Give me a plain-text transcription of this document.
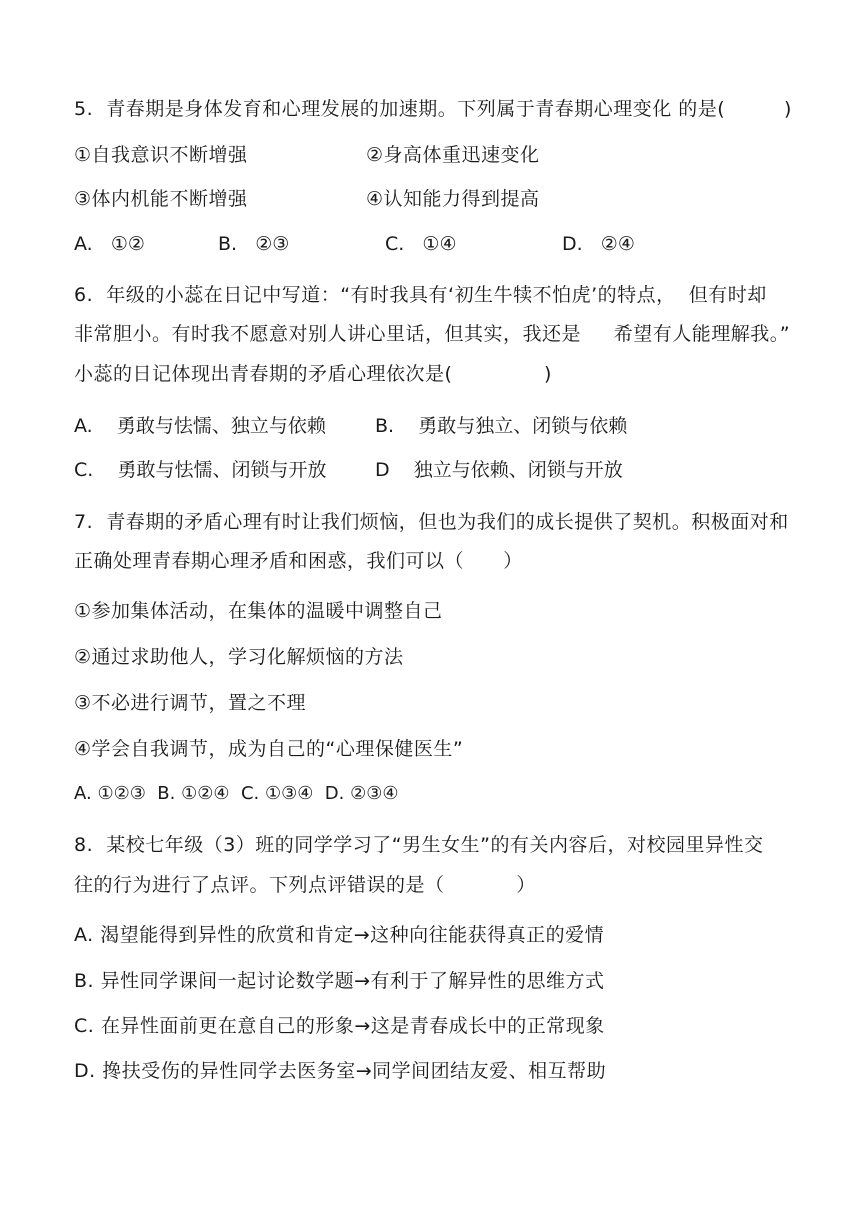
5.  青春期是身体发育和心理发展的加速期。下列属于青春期心理变化 的是(         )
①自我意识不断增强	②身高体重迅速变化
③体内机能不断增强	④认知能力得到提高
A.   ①②	B.   ②③	C.   ①④	D.   ②④
6.  年级的小蕊在日记中写道：“有时我具有‘初生牛犊不怕虎’的特点，  但有时却
非常胆小。有时我不愿意对别人讲心里话，但其实，我还是     希望有人能理解我。”
小蕊的日记体现出青春期的矛盾心理依次是(              )
A.    勇敢与怯懦、独立与依赖	B.    勇敢与独立、闭锁与依赖
C.    勇敢与怯懦、闭锁与开放	D    独立与依赖、闭锁与开放
7.  青春期的矛盾心理有时让我们烦恼，但也为我们的成长提供了契机。积极面对和
正确处理青春期心理矛盾和困惑，我们可以（      ）
①参加集体活动，在集体的温暖中调整自己
②通过求助他人，学习化解烦恼的方法
③不必进行调节，置之不理
④学会自我调节，成为自己的“心理保健医生”
A. ①②③  B. ①②④  C. ①③④  D. ②③④
8.  某校七年级（3）班的同学学习了“男生女生”的有关内容后，对校园里异性交
往的行为进行了点评。下列点评错误的是（           ）
A. 渴望能得到异性的欣赏和肯定→这种向往能获得真正的爱情
B. 异性同学课间一起讨论数学题→有利于了解异性的思维方式
C. 在异性面前更在意自己的形象→这是青春成长中的正常现象
D. 搀扶受伤的异性同学去医务室→同学间团结友爱、相互帮助
